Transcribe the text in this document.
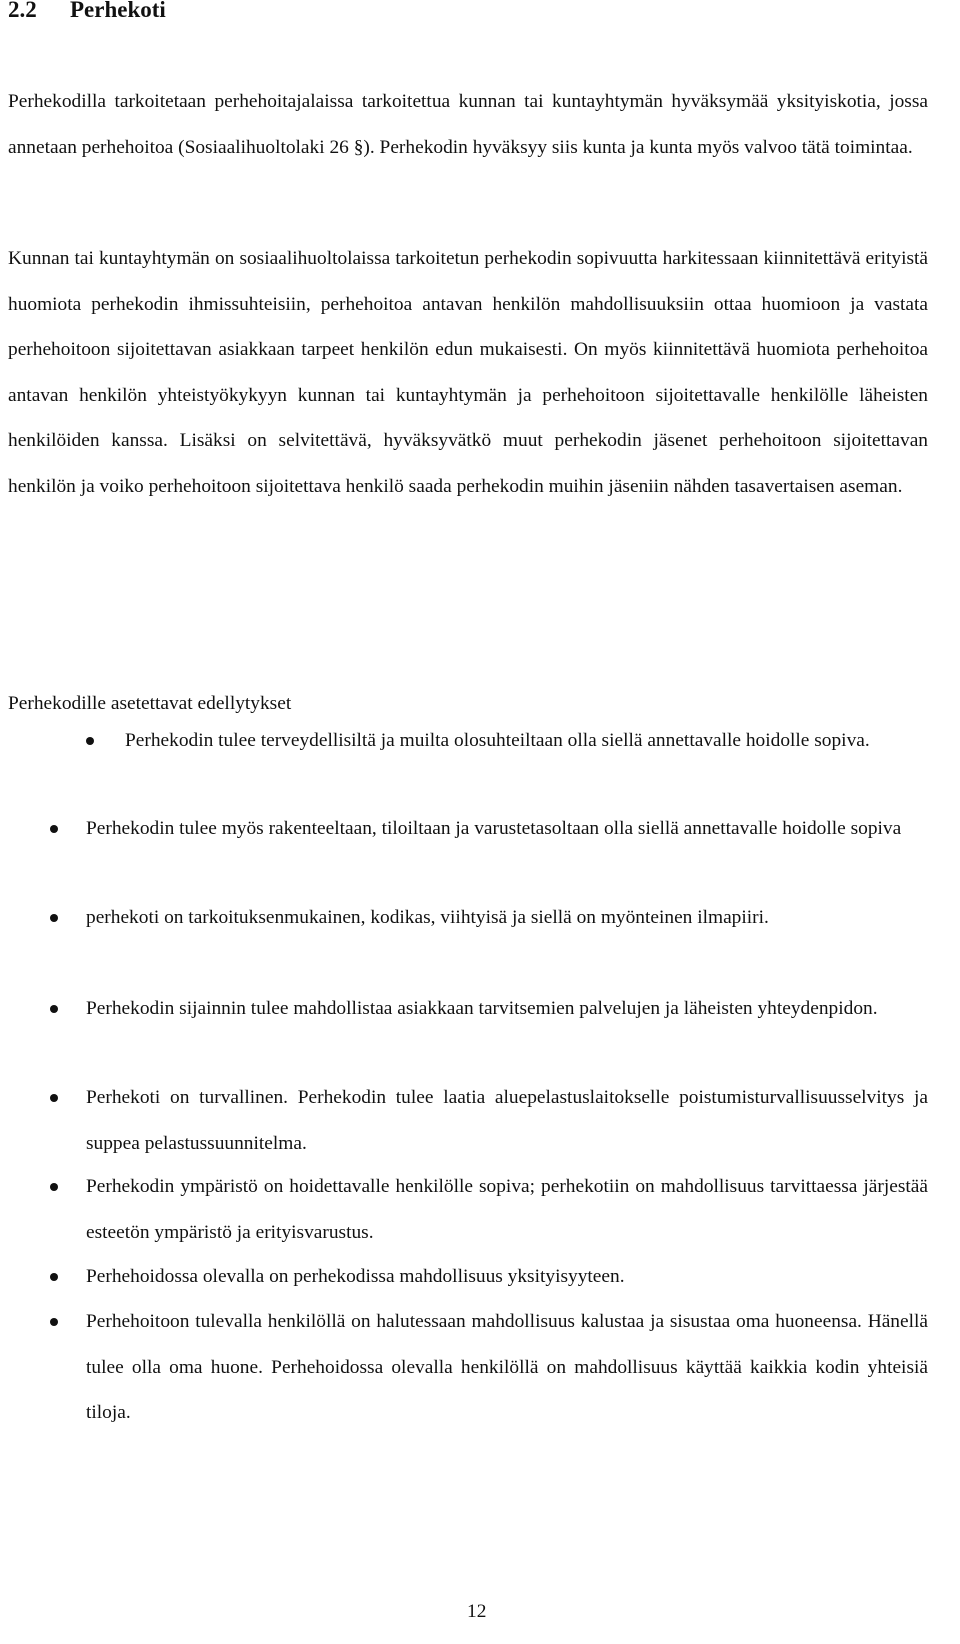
2.2 Perhekoti

Perhekodilla tarkoitetaan perhehoitajalaissa tarkoitettua kunnan tai kuntayhtymän hyväksymää yksityiskotia, jossa annetaan perhehoitoa (Sosiaalihuoltolaki 26 §). Perhekodin hyväksyy siis kunta ja kunta myös valvoo tätä toimintaa.

Kunnan tai kuntayhtymän on sosiaalihuoltolaissa tarkoitetun perhekodin sopivuutta harkitessaan kiinnitettävä erityistä huomiota perhekodin ihmissuhteisiin, perhehoitoa antavan henkilön mahdollisuuksiin ottaa huomioon ja vastata perhehoitoon sijoitettavan asiakkaan tarpeet henkilön edun mukaisesti. On myös kiinnitettävä huomiota perhehoitoa antavan henkilön yhteistyökykyyn kunnan tai kuntayhtymän ja perhehoitoon sijoitettavalle henkilölle läheisten henkilöiden kanssa. Lisäksi on selvitettävä, hyväksyvätkö muut perhekodin jäsenet perhehoitoon sijoitettavan henkilön ja voiko perhehoitoon sijoitettava henkilö saada perhekodin muihin jäseniin nähden tasavertaisen aseman.

Perhekodille asetettavat edellytykset
Perhekodin tulee terveydellisiltä ja muilta olosuhteiltaan olla siellä annettavalle hoidolle sopiva.
Perhekodin tulee myös rakenteeltaan, tiloiltaan ja varustetasoltaan olla siellä annettavalle hoidolle sopiva
perhekoti on tarkoituksenmukainen, kodikas, viihtyisä ja siellä on myönteinen ilmapiiri.
Perhekodin sijainnin tulee mahdollistaa asiakkaan tarvitsemien palvelujen ja läheisten yhteydenpidon.
Perhekoti on turvallinen. Perhekodin tulee laatia aluepelastuslaitokselle poistumisturvallisuusselvitys ja suppea pelastussuunnitelma.
Perhekodin ympäristö on hoidettavalle henkilölle sopiva; perhekotiin on mahdollisuus tarvittaessa järjestää esteetön ympäristö ja erityisvarustus.
Perhehoidossa olevalla on perhekodissa mahdollisuus yksityisyyteen.
Perhehoitoon tulevalla henkilöllä on halutessaan mahdollisuus kalustaa ja sisustaa oma huoneensa. Hänellä tulee olla oma huone. Perhehoidossa olevalla henkilöllä on mahdollisuus käyttää kaikkia kodin yhteisiä tiloja.
12
